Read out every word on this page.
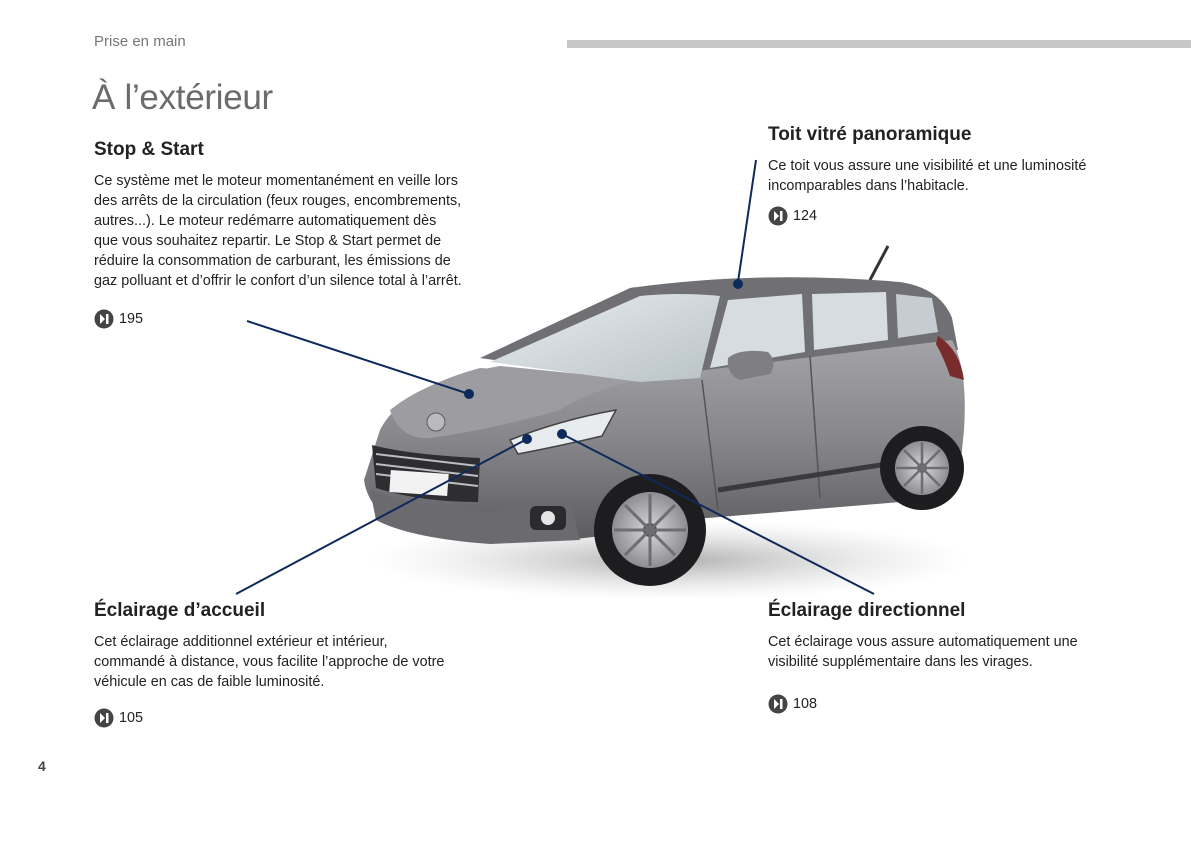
Prise en main
À l’extérieur
Stop & Start

Ce système met le moteur momentanément en veille lors des arrêts de la circulation (feux rouges, encombrements, autres...). Le moteur redémarre automatiquement dès que vous souhaitez repartir. Le Stop & Start permet de réduire la consommation de carburant, les émissions de gaz polluant et d’offrir le confort d’un silence total à l’arrêt.

195
Toit vitré panoramique

Ce toit vous assure une visibilité et une luminosité incomparables dans l’habitacle.

124
Éclairage d’accueil

Cet éclairage additionnel extérieur et intérieur, commandé à distance, vous facilite l’approche de votre véhicule en cas de faible luminosité.

105
Éclairage directionnel

Cet éclairage vous assure automatiquement une visibilité supplémentaire dans les virages.

108
4
